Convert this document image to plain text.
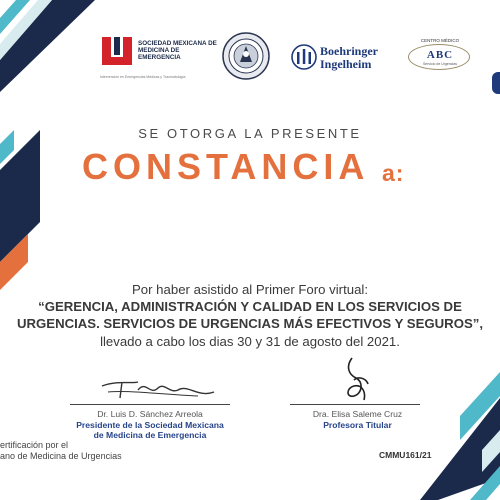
SOCIEDAD MEXICANA DE MEDICINA DE EMERGENCIA
Intervención en Emergencias Médicas y Traumatología
Boehringer
Ingelheim
CENTRO MÉDICO
ABC
Servicio de Urgencias
SE OTORGA LA PRESENTE
CONSTANCIA a:
Por haber asistido al Primer Foro virtual:
“GERENCIA, ADMINISTRACIÓN Y CALIDAD EN LOS SERVICIOS DE
URGENCIAS. SERVICIOS DE URGENCIAS MÁS EFECTIVOS Y SEGUROS”,
llevado a cabo los dias 30 y 31 de agosto del 2021.
Dr. Luis D. Sánchez Arreola
Presidente de la Sociedad Mexicana
de Medicina de Emergencia
Dra. Elisa Saleme Cruz
Profesora Titular
ertificación por el
ano de Medicina de Urgencias	CMMU161/21
